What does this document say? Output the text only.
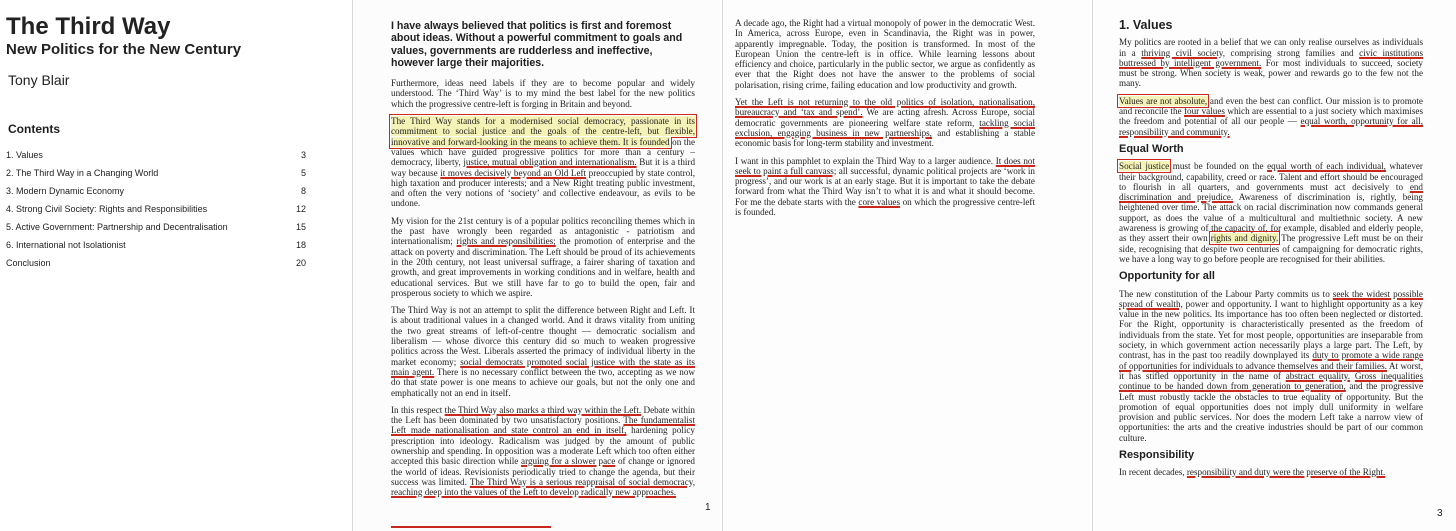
The Third Way
New Politics for the New Century
Tony Blair
Contents
1. Values	3
2. The Third Way in a Changing World	5
3. Modern Dynamic Economy	8
4. Strong Civil Society: Rights and Responsibilities	12
5. Active Government: Partnership and Decentralisation	15
6. International not Isolationist	18
Conclusion	20

I have always believed that politics is first and foremost about ideas. Without a powerful commitment to goals and values, governments are rudderless and ineffective, however large their majorities.

Furthermore, ideas need labels if they are to become popular and widely understood. The ‘Third Way’ is to my mind the best label for the new politics which the progressive centre-left is forging in Britain and beyond.

The Third Way stands for a modernised social democracy, passionate in its commitment to social justice and the goals of the centre-left, but flexible, innovative and forward-looking in the means to achieve them. It is founded on the values which have guided progressive politics for more than a century – democracy, liberty, justice, mutual obligation and internationalism. But it is a third way because it moves decisively beyond an Old Left preoccupied by state control, high taxation and producer interests; and a New Right treating public investment, and often the very notions of ‘society’ and collective endeavour, as evils to be undone.

My vision for the 21st century is of a popular politics reconciling themes which in the past have wrongly been regarded as antagonistic - patriotism and internationalism; rights and responsibilities; the promotion of enterprise and the attack on poverty and discrimination. The Left should be proud of its achievements in the 20th century, not least universal suffrage, a fairer sharing of taxation and growth, and great improvements in working conditions and in welfare, health and educational services. But we still have far to go to build the open, fair and prosperous society to which we aspire.

The Third Way is not an attempt to split the difference between Right and Left. It is about traditional values in a changed world. And it draws vitality from uniting the two great streams of left-of-centre thought — democratic socialism and liberalism — whose divorce this century did so much to weaken progressive politics across the West. Liberals asserted the primacy of individual liberty in the market economy; social democrats promoted social justice with the state as its main agent. There is no necessary conflict between the two, accepting as we now do that state power is one means to achieve our goals, but not the only one and emphatically not an end in itself.

In this respect the Third Way also marks a third way within the Left. Debate within the Left has been dominated by two unsatisfactory positions. The fundamentalist Left made nationalisation and state control an end in itself, hardening policy prescription into ideology. Radicalism was judged by the amount of public ownership and spending. In opposition was a moderate Left which too often either accepted this basic direction while arguing for a slower pace of change or ignored the world of ideas. Revisionists periodically tried to change the agenda, but their success was limited. The Third Way is a serious reappraisal of social democracy, reaching deep into the values of the Left to develop radically new approaches.

1

A decade ago, the Right had a virtual monopoly of power in the democratic West. In America, across Europe, even in Scandinavia, the Right was in power, apparently impregnable. Today, the position is transformed. In most of the European Union the centre-left is in office. While learning lessons about efficiency and choice, particularly in the public sector, we argue as confidently as ever that the Right does not have the answer to the problems of social polarisation, rising crime, failing education and low productivity and growth.

Yet the Left is not returning to the old politics of isolation, nationalisation, bureaucracy and ‘tax and spend’. We are acting afresh. Across Europe, social democratic governments are pioneering welfare state reform, tackling social exclusion, engaging business in new partnerships, and establishing a stable economic basis for long-term stability and investment.

I want in this pamphlet to explain the Third Way to a larger audience. It does not seek to paint a full canvass; all successful, dynamic political projects are ‘work in progress’, and our work is at an early stage. But it is important to take the debate forward from what the Third Way isn’t to what it is and what it should become. For me the debate starts with the core values on which the progressive centre-left is founded.

1. Values

My politics are rooted in a belief that we can only realise ourselves as individuals in a thriving civil society, comprising strong families and civic institutions buttressed by intelligent government. For most individuals to succeed, society must be strong. When society is weak, power and rewards go to the few not the many.

Values are not absolute, and even the best can conflict. Our mission is to promote and reconcile the four values which are essential to a just society which maximises the freedom and potential of all our people — equal worth, opportunity for all, responsibility and community.

Equal Worth

Social justice must be founded on the equal worth of each individual, whatever their background, capability, creed or race. Talent and effort should be encouraged to flourish in all quarters, and governments must act decisively to end discrimination and prejudice. Awareness of discrimination is, rightly, being heightened over time. The attack on racial discrimination now commands general support, as does the value of a multicultural and multiethnic society. A new awareness is growing of the capacity of, for example, disabled and elderly people, as they assert their own rights and dignity. The progressive Left must be on their side, recognising that despite two centuries of campaigning for democratic rights, we have a long way to go before people are recognised for their abilities.

Opportunity for all

The new constitution of the Labour Party commits us to seek the widest possible spread of wealth, power and opportunity. I want to highlight opportunity as a key value in the new politics. Its importance has too often been neglected or distorted. For the Right, opportunity is characteristically presented as the freedom of individuals from the state. Yet for most people, opportunities are inseparable from society, in which government action necessarily plays a large part. The Left, by contrast, has in the past too readily downplayed its duty to promote a wide range of opportunities for individuals to advance themselves and their families. At worst, it has stifled opportunity in the name of abstract equality. Gross inequalities continue to be handed down from generation to generation, and the progressive Left must robustly tackle the obstacles to true equality of opportunity. But the promotion of equal opportunities does not imply dull uniformity in welfare provision and public services. Nor does the modern Left take a narrow view of opportunities: the arts and the creative industries should be part of our common culture.

Responsibility

In recent decades, responsibility and duty were the preserve of the Right.

3
